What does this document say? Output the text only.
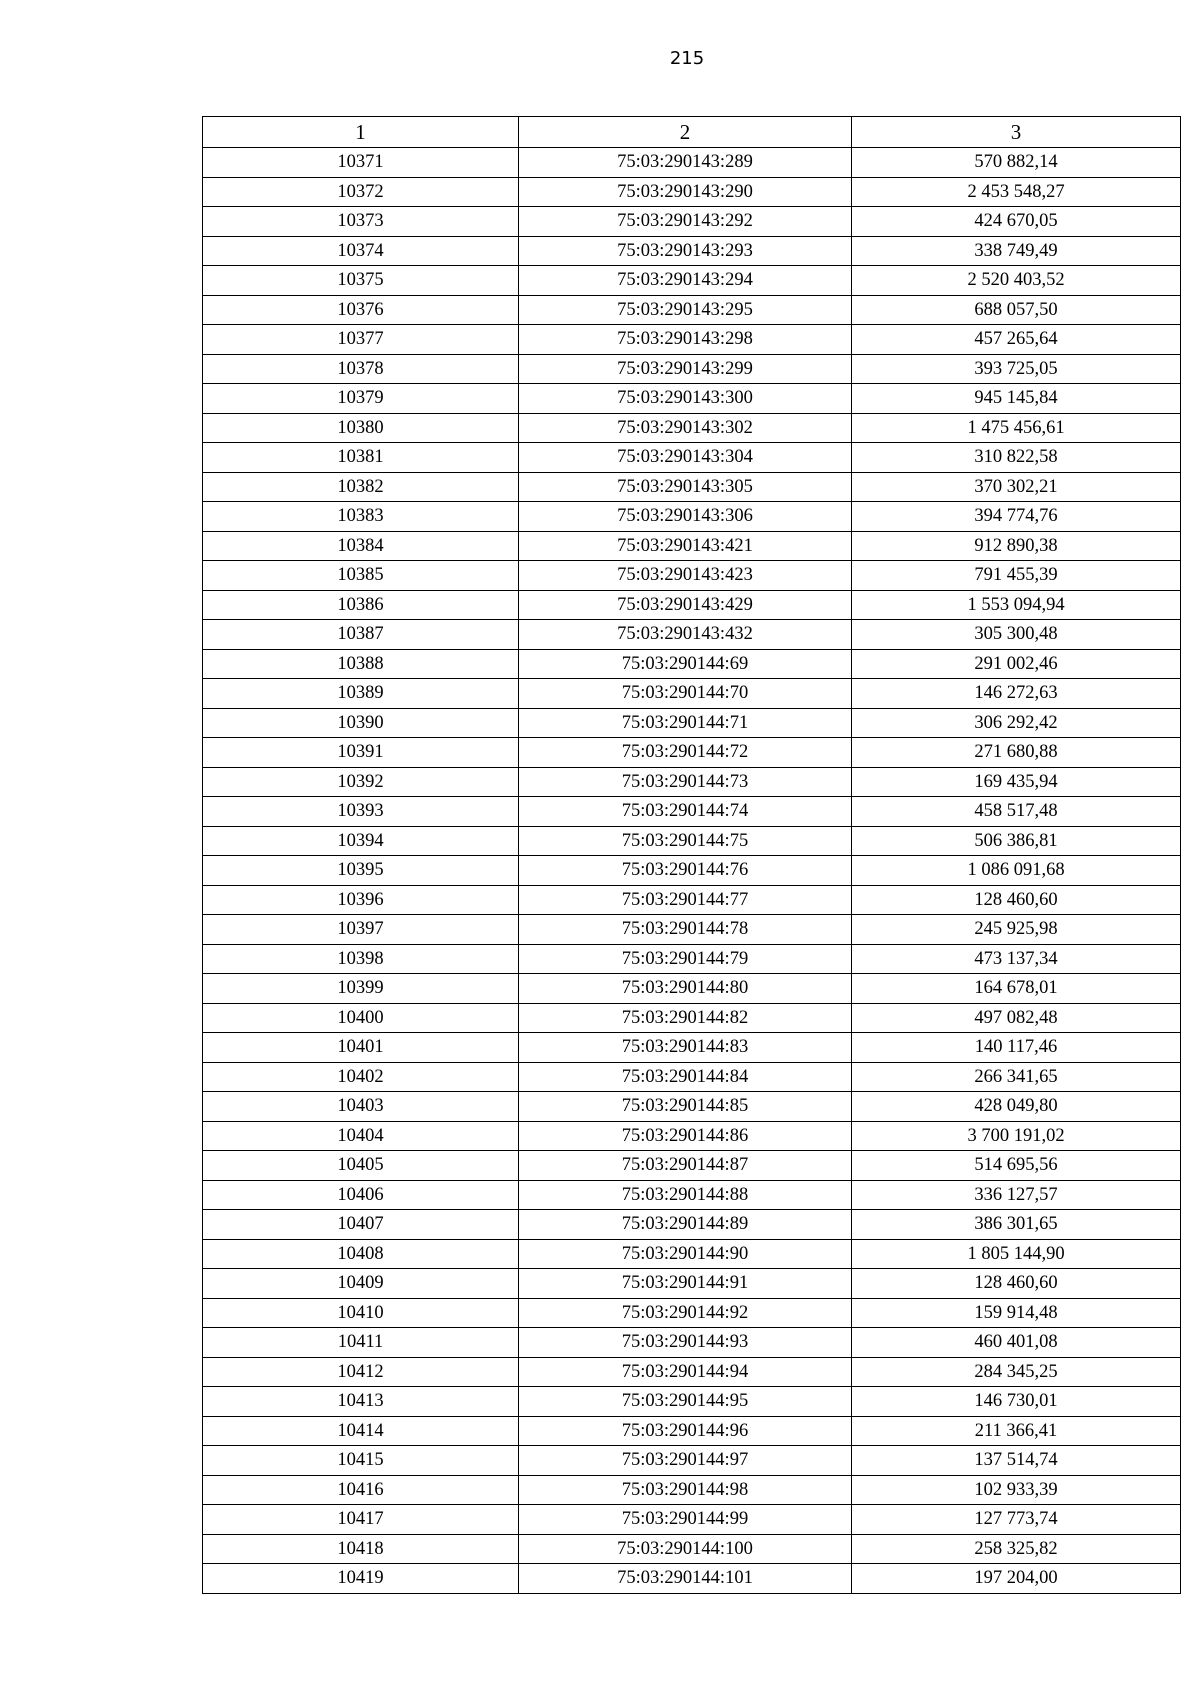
215
1	2	3
10371	75:03:290143:289	570 882,14
10372	75:03:290143:290	2 453 548,27
10373	75:03:290143:292	424 670,05
10374	75:03:290143:293	338 749,49
10375	75:03:290143:294	2 520 403,52
10376	75:03:290143:295	688 057,50
10377	75:03:290143:298	457 265,64
10378	75:03:290143:299	393 725,05
10379	75:03:290143:300	945 145,84
10380	75:03:290143:302	1 475 456,61
10381	75:03:290143:304	310 822,58
10382	75:03:290143:305	370 302,21
10383	75:03:290143:306	394 774,76
10384	75:03:290143:421	912 890,38
10385	75:03:290143:423	791 455,39
10386	75:03:290143:429	1 553 094,94
10387	75:03:290143:432	305 300,48
10388	75:03:290144:69	291 002,46
10389	75:03:290144:70	146 272,63
10390	75:03:290144:71	306 292,42
10391	75:03:290144:72	271 680,88
10392	75:03:290144:73	169 435,94
10393	75:03:290144:74	458 517,48
10394	75:03:290144:75	506 386,81
10395	75:03:290144:76	1 086 091,68
10396	75:03:290144:77	128 460,60
10397	75:03:290144:78	245 925,98
10398	75:03:290144:79	473 137,34
10399	75:03:290144:80	164 678,01
10400	75:03:290144:82	497 082,48
10401	75:03:290144:83	140 117,46
10402	75:03:290144:84	266 341,65
10403	75:03:290144:85	428 049,80
10404	75:03:290144:86	3 700 191,02
10405	75:03:290144:87	514 695,56
10406	75:03:290144:88	336 127,57
10407	75:03:290144:89	386 301,65
10408	75:03:290144:90	1 805 144,90
10409	75:03:290144:91	128 460,60
10410	75:03:290144:92	159 914,48
10411	75:03:290144:93	460 401,08
10412	75:03:290144:94	284 345,25
10413	75:03:290144:95	146 730,01
10414	75:03:290144:96	211 366,41
10415	75:03:290144:97	137 514,74
10416	75:03:290144:98	102 933,39
10417	75:03:290144:99	127 773,74
10418	75:03:290144:100	258 325,82
10419	75:03:290144:101	197 204,00
